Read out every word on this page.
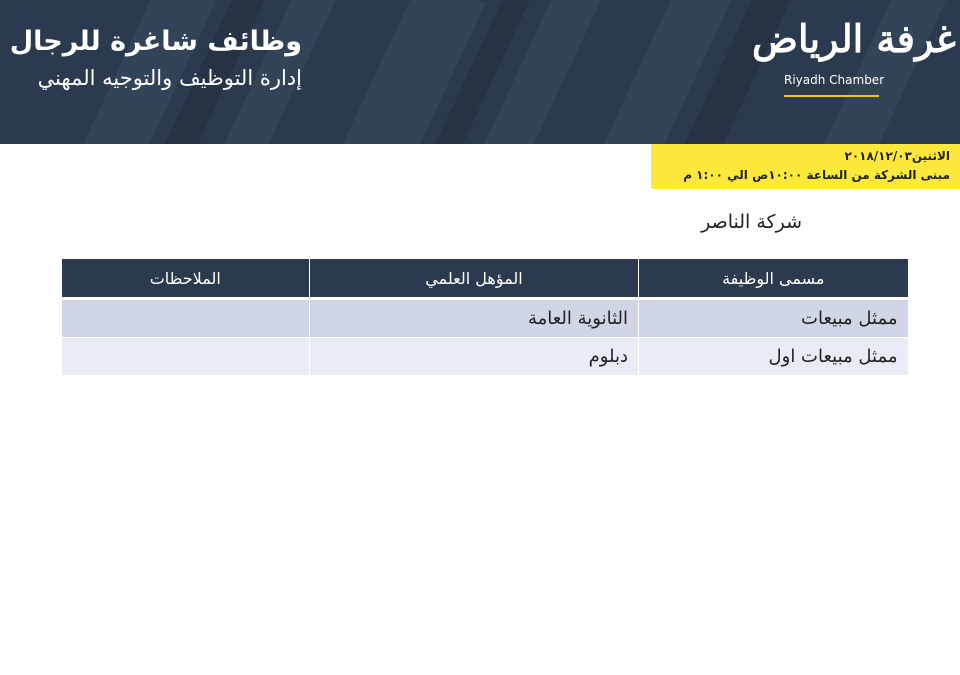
وظائف شاغرة للرجال
إدارة التوظيف والتوجيه المهني
غرفة الرياض
Riyadh Chamber
الاثنين٢٠١٨/١٢/٠٣
مبنى الشركة من الساعة ١٠:٠٠ص الي ١:٠٠ م
شركة الناصر
مسمى الوظيفة	المؤهل العلمي	الملاحظات
ممثل مبيعات	الثانوية العامة	
ممثل مبيعات اول	دبلوم	
